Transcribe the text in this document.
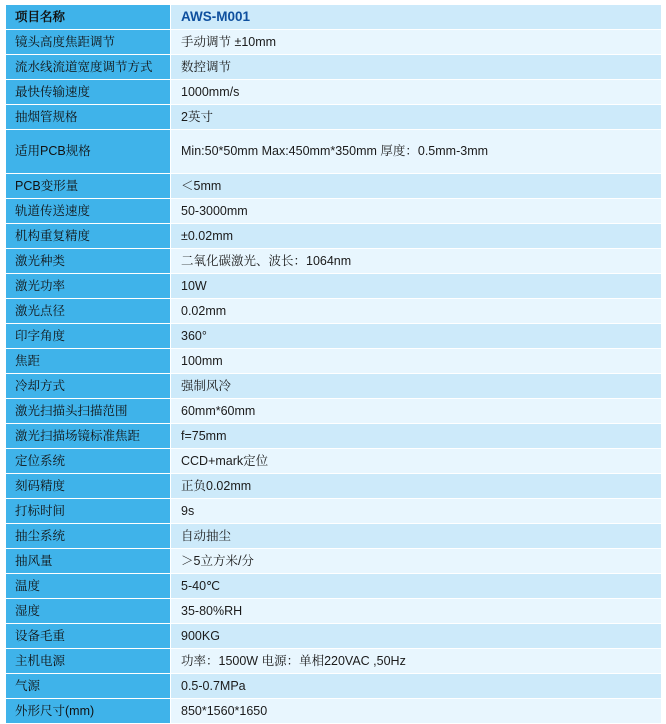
项目名称	AWS-M001
镜头高度焦距调节	手动调节 ±10mm
流水线流道宽度调节方式	数控调节
最快传输速度	1000mm/s
抽烟管规格	2英寸
适用PCB规格	Min:50*50mm Max:450mm*350mm 厚度：0.5mm-3mm
PCB变形量	＜5mm
轨道传送速度	50-3000mm
机构重复精度	±0.02mm
激光种类	二氧化碳激光、波长：1064nm
激光功率	10W
激光点径	0.02mm
印字角度	360°
焦距	100mm
冷却方式	强制风冷
激光扫描头扫描范围	60mm*60mm
激光扫描场镜标准焦距	f=75mm
定位系统	CCD+mark定位
刻码精度	正负0.02mm
打标时间	9s
抽尘系统	自动抽尘
抽风量	＞5立方米/分
温度	5-40℃
湿度	35-80%RH
设备毛重	900KG
主机电源	功率：1500W 电源：单相220VAC ,50Hz
气源	0.5-0.7MPa
外形尺寸(mm)	850*1560*1650
